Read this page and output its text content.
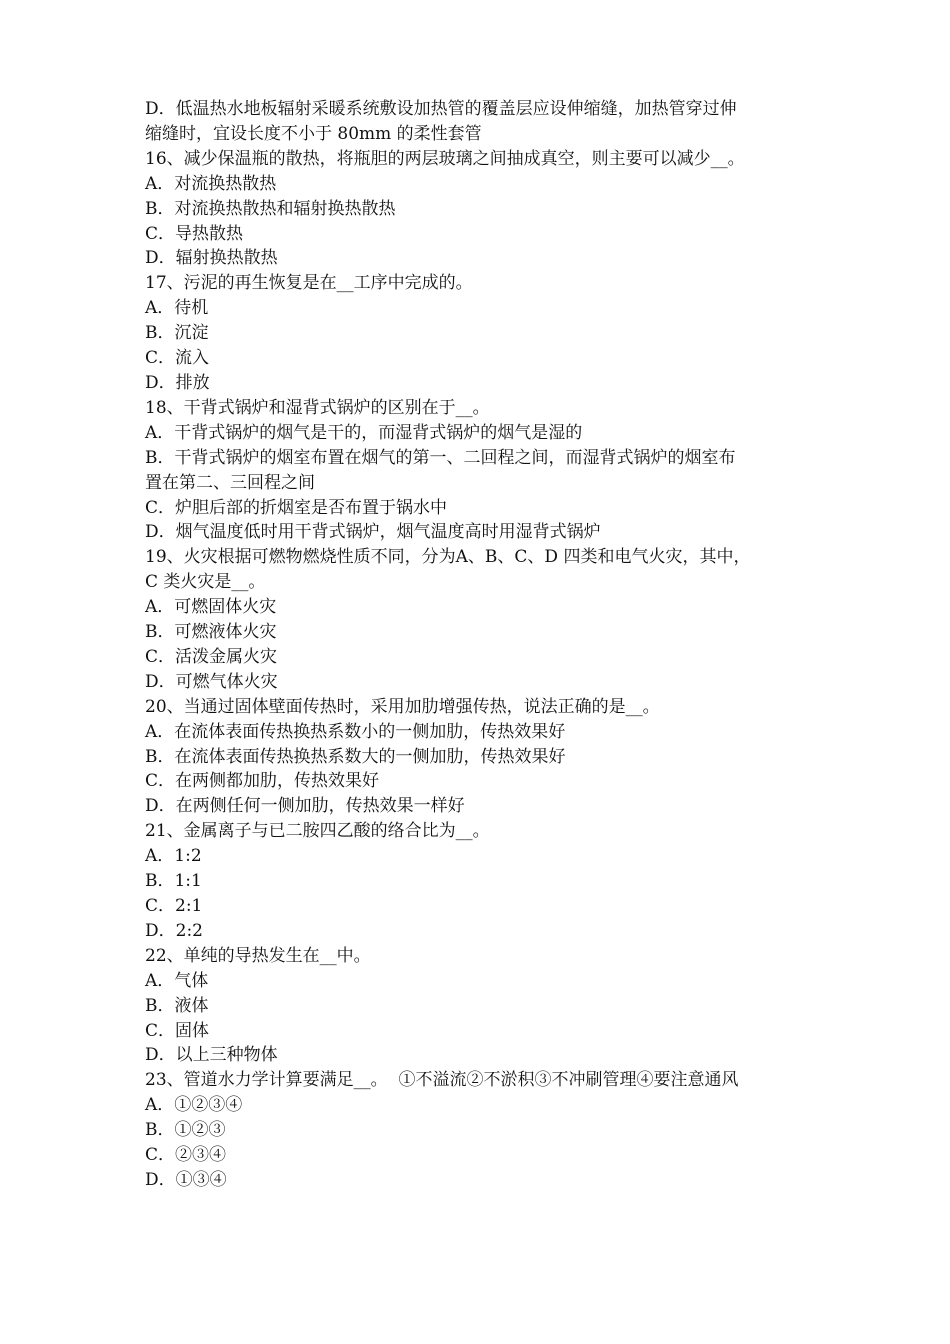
D．低温热水地板辐射采暖系统敷设加热管的覆盖层应设伸缩缝，加热管穿过伸
缩缝时，宜设长度不小于 80mm 的柔性套管
16、减少保温瓶的散热，将瓶胆的两层玻璃之间抽成真空，则主要可以减少__。
A．对流换热散热
B．对流换热散热和辐射换热散热
C．导热散热
D．辐射换热散热
17、污泥的再生恢复是在__工序中完成的。
A．待机
B．沉淀
C．流入
D．排放
18、干背式锅炉和湿背式锅炉的区别在于__。
A．干背式锅炉的烟气是干的，而湿背式锅炉的烟气是湿的
B．干背式锅炉的烟室布置在烟气的第一、二回程之间，而湿背式锅炉的烟室布
置在第二、三回程之间
C．炉胆后部的折烟室是否布置于锅水中
D．烟气温度低时用干背式锅炉，烟气温度高时用湿背式锅炉
19、火灾根据可燃物燃烧性质不同，分为A、B、C、D 四类和电气火灾，其中，
C 类火灾是__。
A．可燃固体火灾
B．可燃液体火灾
C．活泼金属火灾
D．可燃气体火灾
20、当通过固体壁面传热时，采用加肋增强传热，说法正确的是__。
A．在流体表面传热换热系数小的一侧加肋，传热效果好
B．在流体表面传热换热系数大的一侧加肋，传热效果好
C．在两侧都加肋，传热效果好
D．在两侧任何一侧加肋，传热效果一样好
21、金属离子与已二胺四乙酸的络合比为__。
A．1:2
B．1:1
C．2:1
D．2:2
22、单纯的导热发生在__中。
A．气体
B．液体
C．固体
D．以上三种物体
23、管道水力学计算要满足__。  ①不溢流②不淤积③不冲刷管理④要注意通风
A．①②③④
B．①②③
C．②③④
D．①③④
